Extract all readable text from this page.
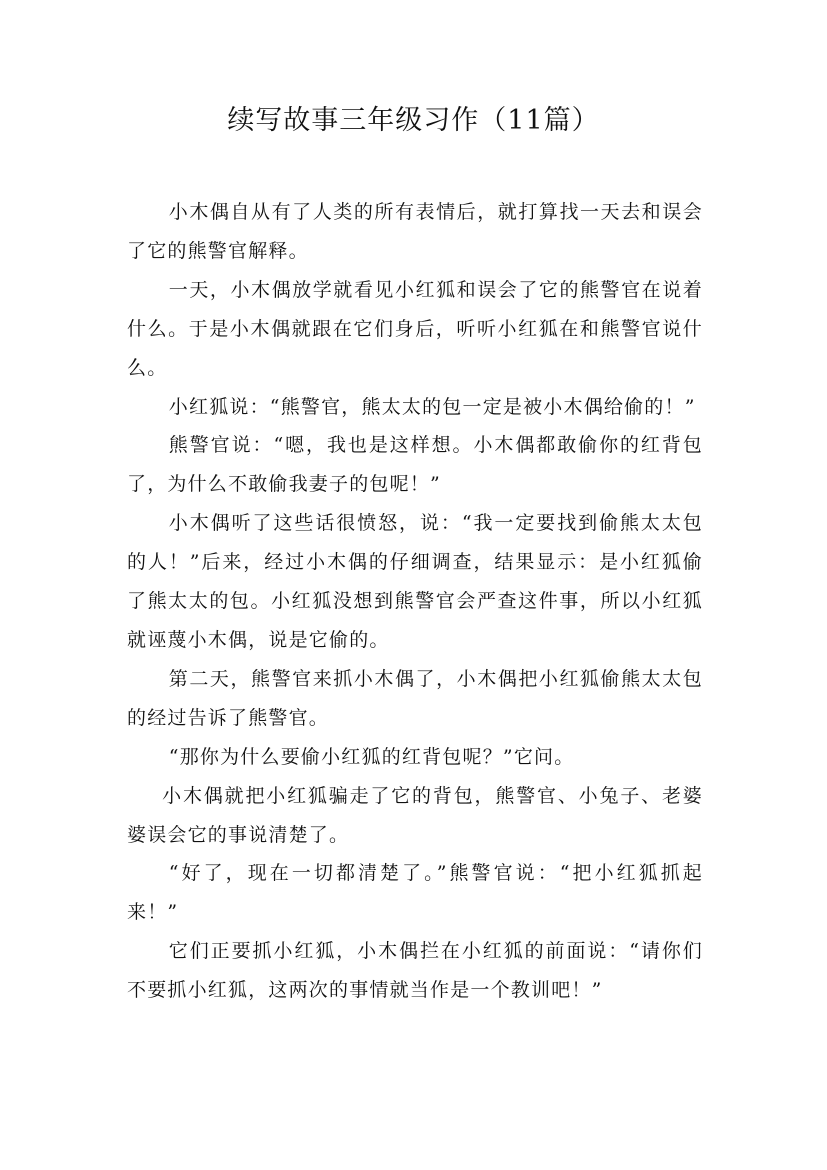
续写故事三年级习作（11篇）

小木偶自从有了人类的所有表情后，就打算找一天去和误会了它的熊警官解释。

一天，小木偶放学就看见小红狐和误会了它的熊警官在说着什么。于是小木偶就跟在它们身后，听听小红狐在和熊警官说什么。

小红狐说：“熊警官，熊太太的包一定是被小木偶给偷的！”

熊警官说：“嗯，我也是这样想。小木偶都敢偷你的红背包了，为什么不敢偷我妻子的包呢！”

小木偶听了这些话很愤怒，说：“我一定要找到偷熊太太包的人！”后来，经过小木偶的仔细调查，结果显示：是小红狐偷了熊太太的包。小红狐没想到熊警官会严查这件事，所以小红狐就诬蔑小木偶，说是它偷的。

第二天，熊警官来抓小木偶了，小木偶把小红狐偷熊太太包的经过告诉了熊警官。

“那你为什么要偷小红狐的红背包呢？”它问。

小木偶就把小红狐骗走了它的背包，熊警官、小兔子、老婆婆误会它的事说清楚了。

“好了，现在一切都清楚了。”熊警官说：“把小红狐抓起来！”

它们正要抓小红狐，小木偶拦在小红狐的前面说：“请你们不要抓小红狐，这两次的事情就当作是一个教训吧！”
